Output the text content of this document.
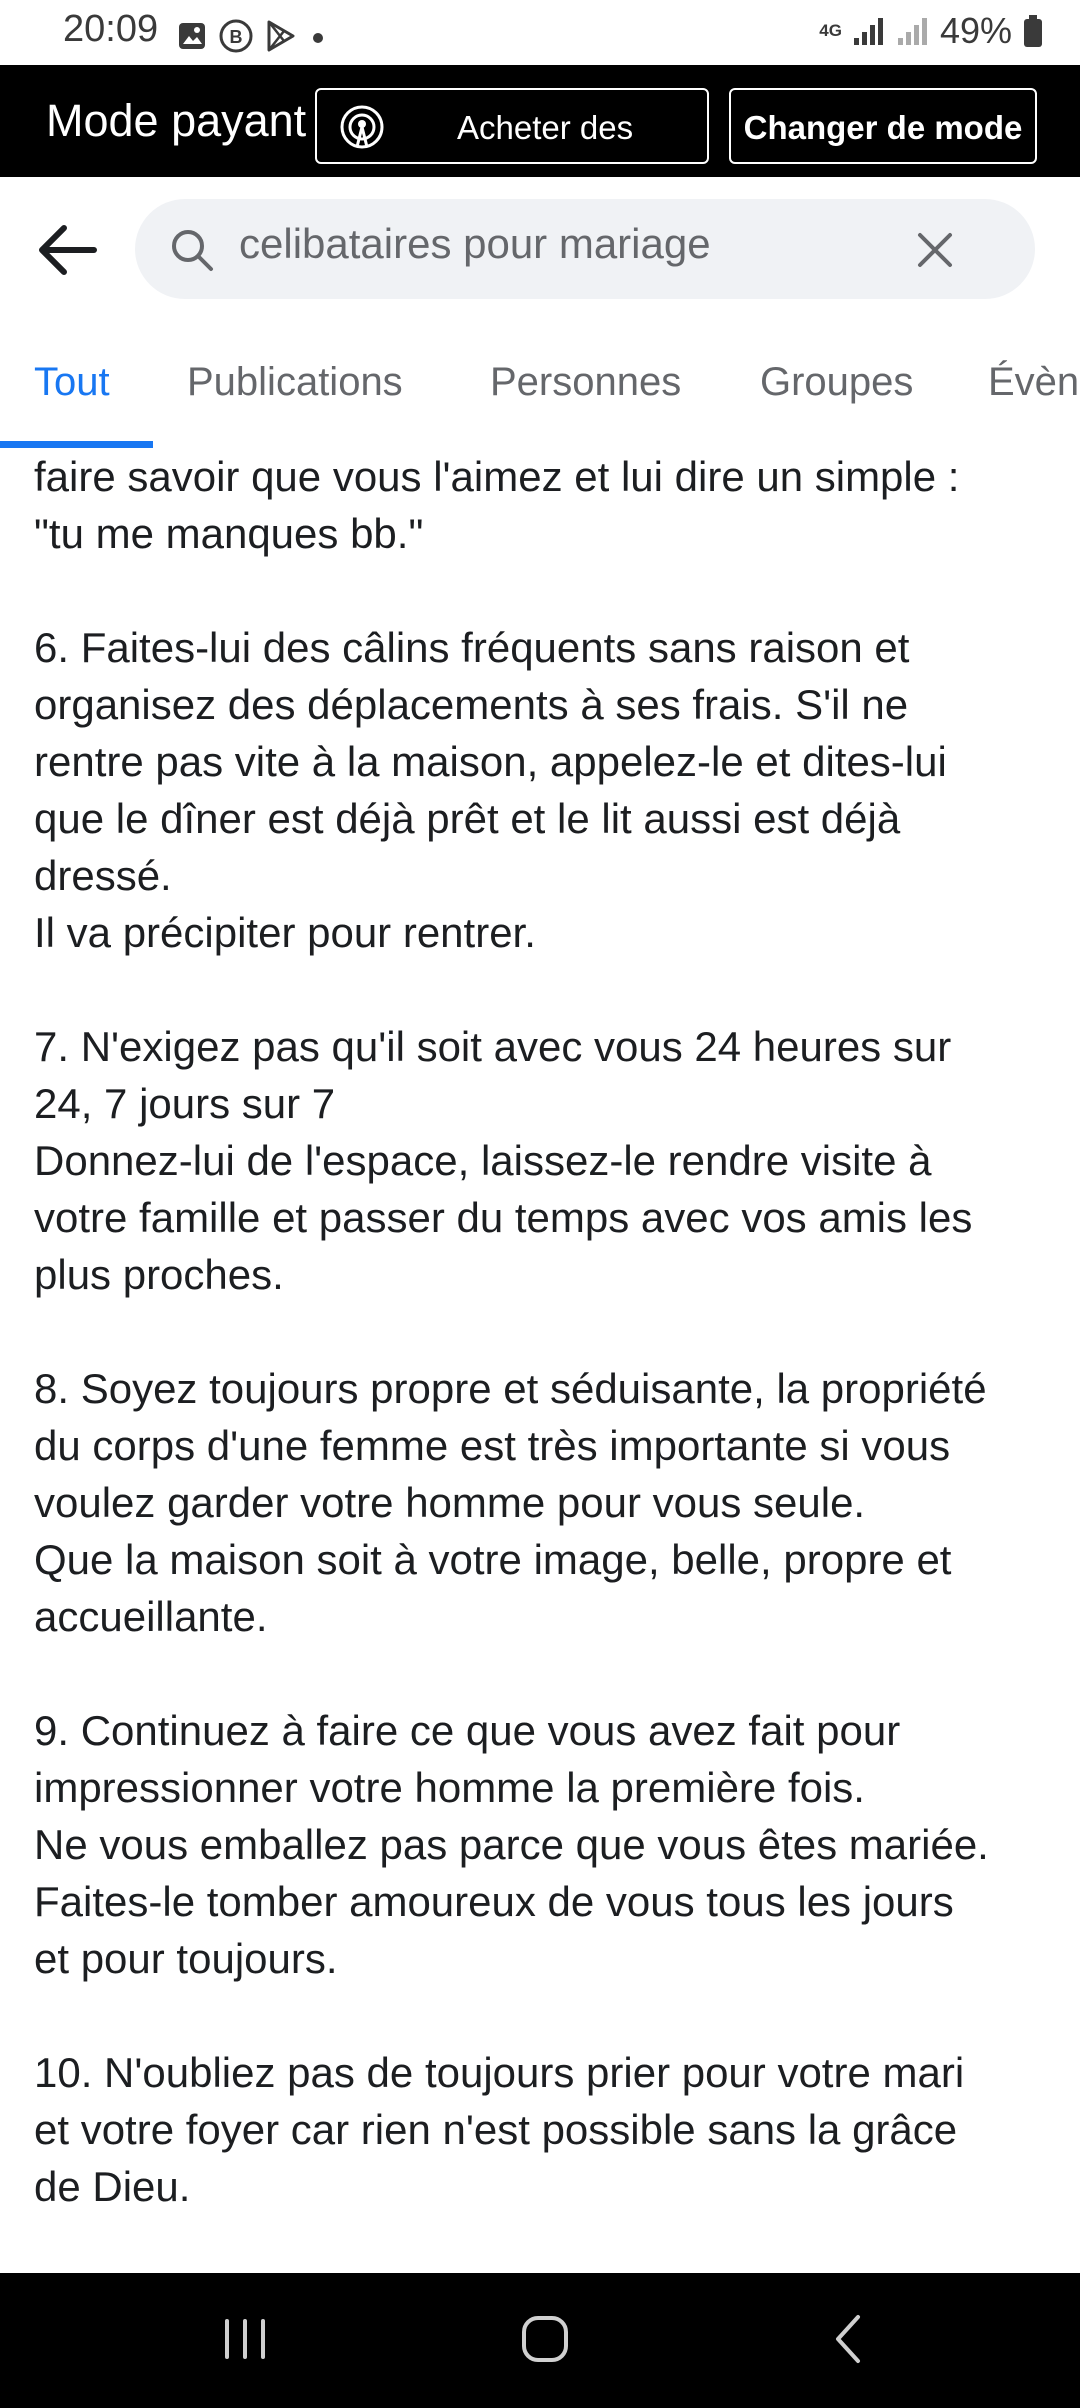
20:09	B	4G	49%
Mode payant	Acheter des	Changer de mode
celibataires pour mariage
Tout Publications Personnes Groupes Évèn
faire savoir que vous l'aimez et lui dire un simple :
"tu me manques bb."
6. Faites-lui des câlins fréquents sans raison et
organisez des déplacements à ses frais. S'il ne
rentre pas vite à la maison, appelez-le et dites-lui
que le dîner est déjà prêt et le lit aussi est déjà
dressé.
Il va précipiter pour rentrer.
7. N'exigez pas qu'il soit avec vous 24 heures sur
24, 7 jours sur 7
Donnez-lui de l'espace, laissez-le rendre visite à
votre famille et passer du temps avec vos amis les
plus proches.
8. Soyez toujours propre et séduisante, la propriété
du corps d'une femme est très importante si vous
voulez garder votre homme pour vous seule.
Que la maison soit à votre image, belle, propre et
accueillante.
9. Continuez à faire ce que vous avez fait pour
impressionner votre homme la première fois.
Ne vous emballez pas parce que vous êtes mariée.
Faites-le tomber amoureux de vous tous les jours
et pour toujours.
10. N'oubliez pas de toujours prier pour votre mari
et votre foyer car rien n'est possible sans la grâce
de Dieu.
